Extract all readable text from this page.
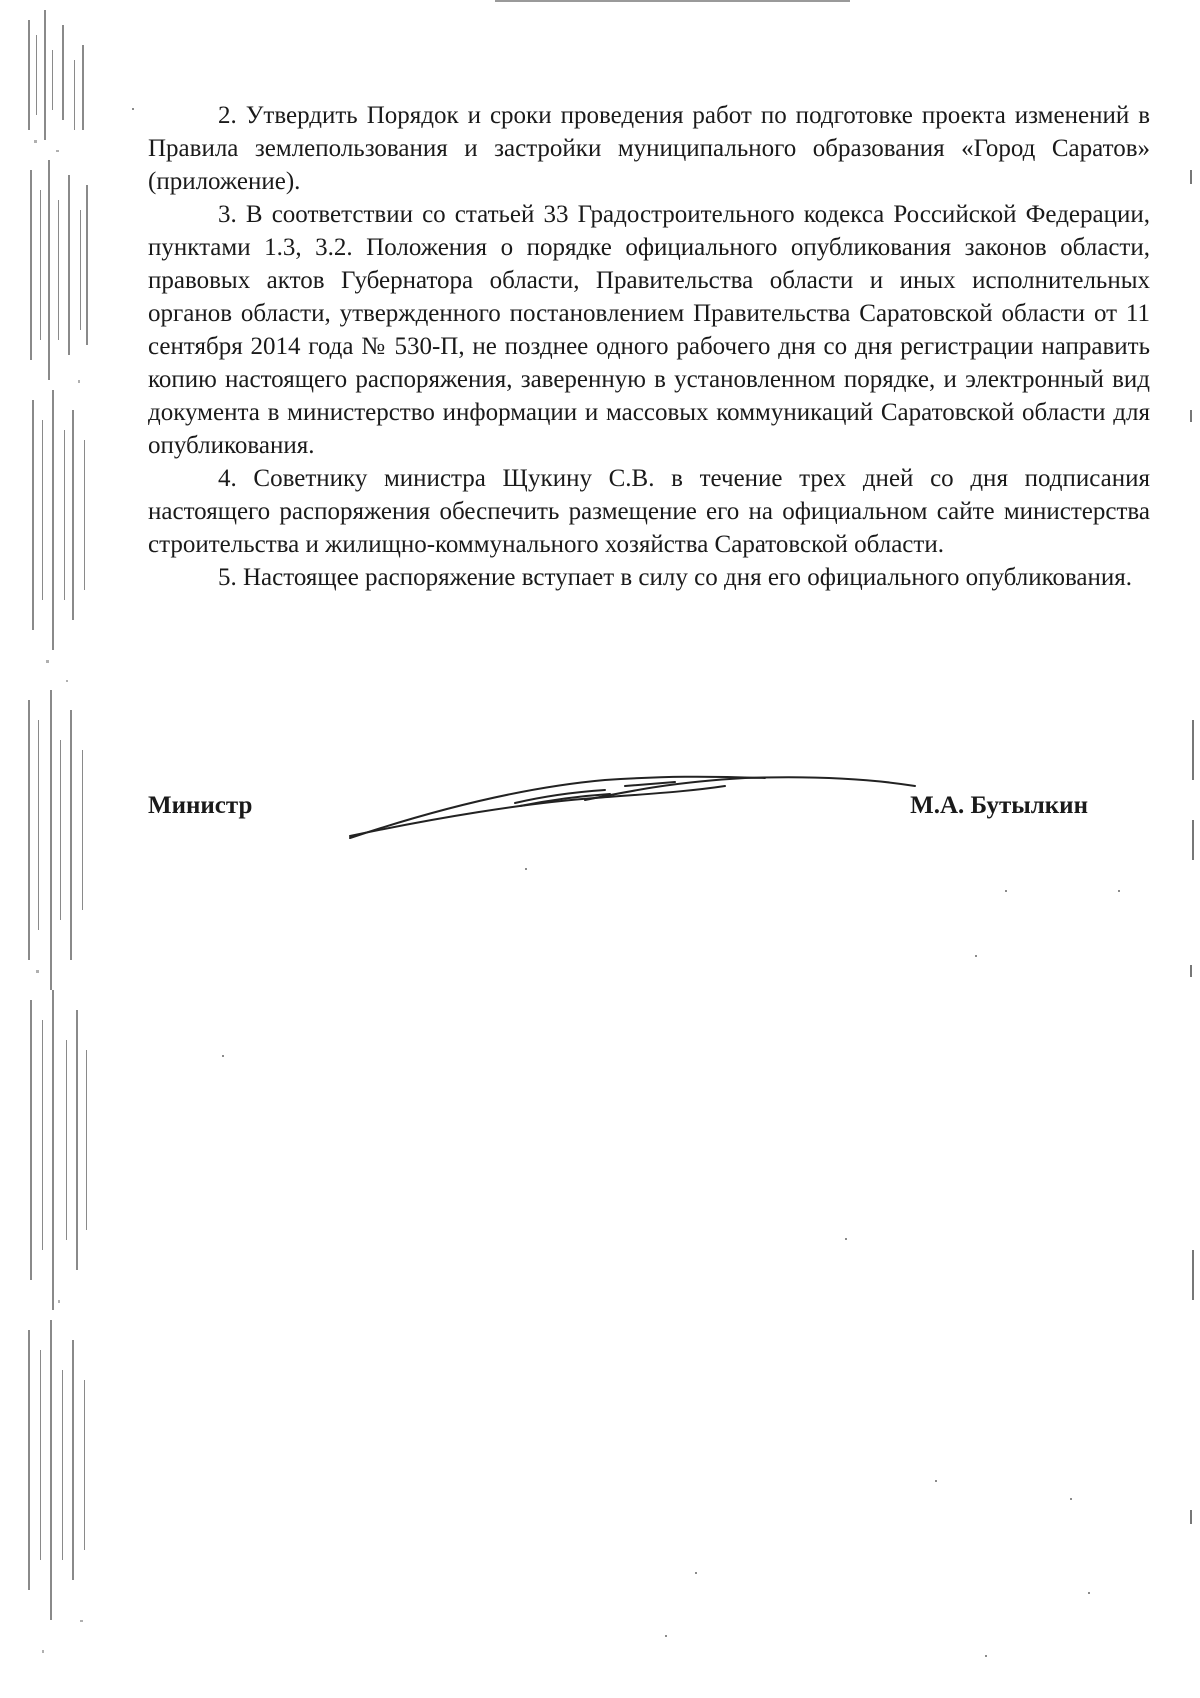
2. Утвердить Порядок и сроки проведения работ по подготовке проекта изменений в Правила землепользования и застройки муниципального образования «Город Саратов» (приложение).

3. В соответствии со статьей 33 Градостроительного кодекса Российской Федерации, пунктами 1.3, 3.2. Положения о порядке официального опубликования законов области, правовых актов Губернатора области, Правительства области и иных исполнительных органов области, утвержденного постановлением Правительства Саратовской области от 11 сентября 2014 года № 530-П, не позднее одного рабочего дня со дня регистрации направить копию настоящего распоряжения, заверенную в установленном порядке, и электронный вид документа в министерство информации и массовых коммуникаций Саратовской области для опубликования.

4. Советнику министра Щукину С.В. в течение трех дней со дня подписания настоящего распоряжения обеспечить размещение его на официальном сайте министерства строительства и жилищно-коммунального хозяйства Саратовской области.

5. Настоящее распоряжение вступает в силу со дня его официального опубликования.

Министр	М.А. Бутылкин
